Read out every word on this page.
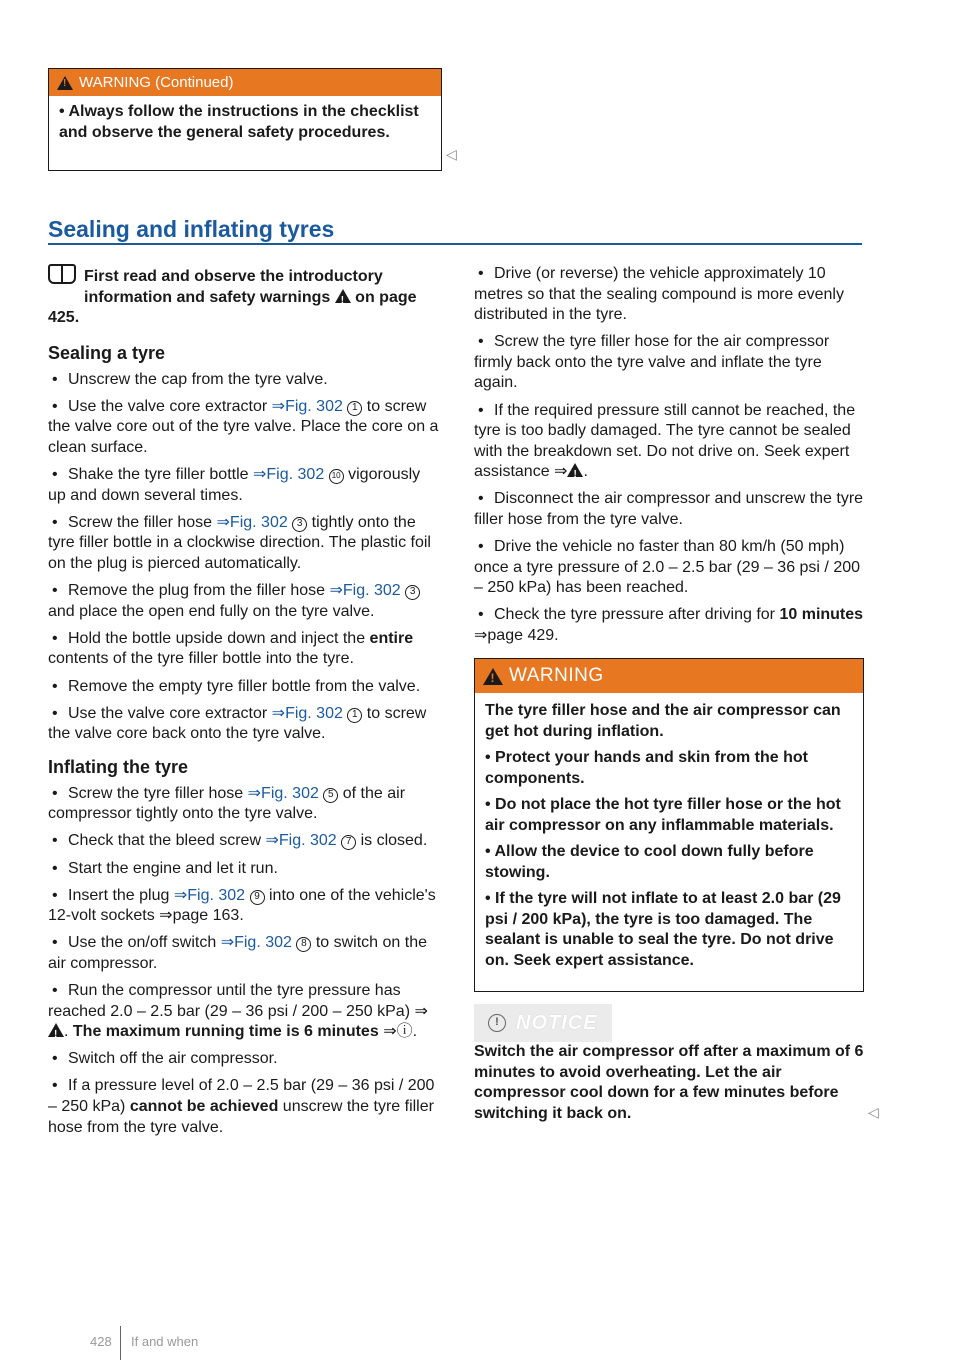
!
WARNING (Continued)
• Always follow the instructions in the checklist and observe the general safety procedures.
◁
Sealing and inflating tyres

First read and observe the introductory information and safety warnings ! on page 425.

Sealing a tyre

• Unscrew the cap from the tyre valve.

• Use the valve core extractor ⇒Fig. 302 1 to screw the valve core out of the tyre valve. Place the core on a clean surface.

• Shake the tyre filler bottle ⇒Fig. 302 10 vigorously up and down several times.

• Screw the filler hose ⇒Fig. 302 3 tightly onto the tyre filler bottle in a clockwise direction. The plastic foil on the plug is pierced automatically.

• Remove the plug from the filler hose ⇒Fig. 302 3 and place the open end fully on the tyre valve.

• Hold the bottle upside down and inject the entire contents of the tyre filler bottle into the tyre.

• Remove the empty tyre filler bottle from the valve.

• Use the valve core extractor ⇒Fig. 302 1 to screw the valve core back onto the tyre valve.

Inflating the tyre

• Screw the tyre filler hose ⇒Fig. 302 5 of the air compressor tightly onto the tyre valve.

• Check that the bleed screw ⇒Fig. 302 7 is closed.

• Start the engine and let it run.

• Insert the plug ⇒Fig. 302 9 into one of the vehicle's 12-volt sockets ⇒page 163.

• Use the on/off switch ⇒Fig. 302 8 to switch on the air compressor.

• Run the compressor until the tyre pressure has reached 2.0 – 2.5 bar (29 – 36 psi / 200 – 250 kPa) ⇒!. The maximum running time is 6 minutes ⇒ⓘ.

• Switch off the air compressor.

• If a pressure level of 2.0 – 2.5 bar (29 – 36 psi / 200 – 250 kPa) cannot be achieved unscrew the tyre filler hose from the tyre valve.

• Drive (or reverse) the vehicle approximately 10 metres so that the sealing compound is more evenly distributed in the tyre.

• Screw the tyre filler hose for the air compressor firmly back onto the tyre valve and inflate the tyre again.

• If the required pressure still cannot be reached, the tyre is too badly damaged. The tyre cannot be sealed with the breakdown set. Do not drive on. Seek expert assistance ⇒ ! .

• Disconnect the air compressor and unscrew the tyre filler hose from the tyre valve.

• Drive the vehicle no faster than 80 km/h (50 mph) once a tyre pressure of 2.0 – 2.5 bar (29 – 36 psi / 200 – 250 kPa) has been reached.

• Check the tyre pressure after driving for 10 minutes ⇒page 429.

!
WARNING

The tyre filler hose and the air compressor can get hot during inflation.

• Protect your hands and skin from the hot components.

• Do not place the hot tyre filler hose or the hot air compressor on any inflammable materials.

• Allow the device to cool down fully before stowing.

• If the tyre will not inflate to at least 2.0 bar (29 psi / 200 kPa), the tyre is too damaged. The sealant is unable to seal the tyre. Do not drive on. Seek expert assistance.

! NOTICE
Switch the air compressor off after a maximum of 6 minutes to avoid overheating. Let the air compressor cool down for a few minutes before switching it back on.	◁
428 If and when
